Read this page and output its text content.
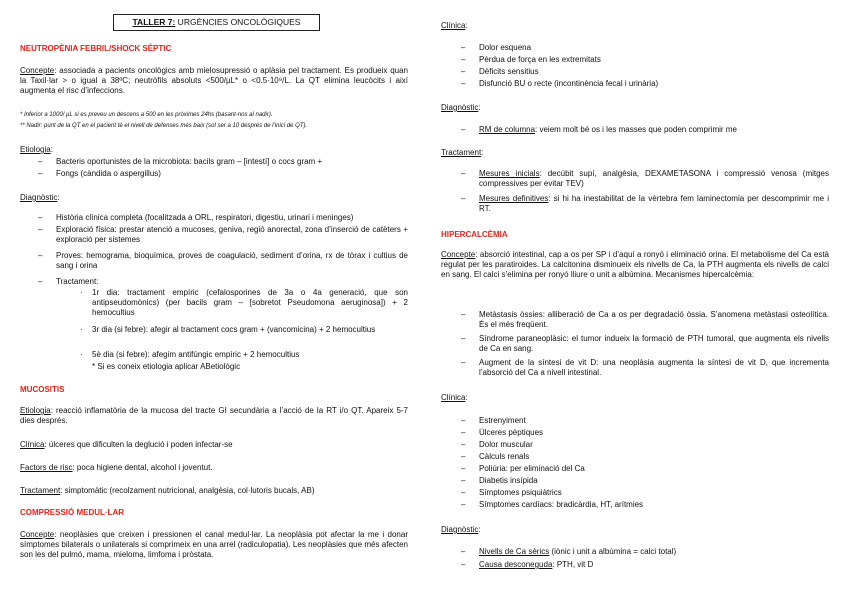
TALLER 7: URGÈNCIES ONCOLÒGIQUES
NEUTROPÈNIA FEBRIL/SHOCK SÈPTIC
Concepte: associada a pacients oncològics amb mielosupressió o aplàsia pel tractament. Es produeix quan la Taxil·lar > o igual a 38ºC; neutròfils absoluts <500/µL* o <0.5·10⁹/L. La QT elimina leucòcits i així augmenta el risc d’infeccions.
* Inferior a 1000/ µL si es preveu un descens a 500 en les pròximes 24hs (basant-nos al nadir).
** Nadir: punt de la QT en el pacient té el nivell de defenses més baix (sol ser a 10 després de l’inici de QT).
Etiologia:
– Bacteris oportunistes de la microbiota: bacils gram – [intestí] o cocs gram +
– Fongs (càndida o aspergillus)
Diagnòstic:
– Història clínica completa (focalitzada a ORL, respiratori, digestiu, urinari i meninges)
– Exploració física: prestar atenció a mucoses, geniva, regió anorectal, zona d’inserció de catèters + exploració per sistemes
– Proves: hemograma, bioquímica, proves de coagulació, sediment d’orina, rx de tòrax i cultius de sang i orina
– Tractament:
· 1r dia: tractament empíric (cefalosporines de 3a o 4a generació, que son antipseudomònics) (per bacils gram – [sobretot Pseudomona aeruginosa]) + 2 hemocultius
· 3r dia (si febre): afegir al tractament cocs gram + (vancomicina) + 2 hemocultius
· 5è dia (si febre): afegim antifúngic empíric + 2 hemocultius
* Si es coneix etiologia aplicar ABetiològic
MUCOSITIS
Etiologia: reacció inflamatòria de la mucosa del tracte GI secundària a l’acció de la RT i/o QT. Apareix 5-7 dies després.
Clínica: úlceres que dificulten la deglució i poden infectar-se
Factors de risc: poca higiene dental, alcohol i joventut.
Tractament: simptomàtic (recolzament nutricional, analgèsia, col·lutoris bucals, AB)
COMPRESSIÓ MEDUL·LAR
Concepte: neoplàsies que creixen i pressionen el canal medul·lar. La neoplàsia pot afectar la me i donar símptomes bilaterals o unilaterals si comprimeix en una arrel (radiculopatia). Les neoplàsies que més afecten son les del pulmó, mama, mieloma, limfoma i pròstata.
Clínica:
– Dolor esquena
– Pèrdua de força en les extremitats
– Dèficits sensitius
– Disfunció BU o recte (incontinència fecal i urinària)
Diagnòstic:
– RM de columna: veiem molt bé os i les masses que poden comprimir me
Tractament:
– Mesures inicials: decúbit supí, analgèsia, DEXAMETASONA i compressió venosa (mitges compressives per evitar TEV)
– Mesures definitives: si hi ha inestabilitat de la vèrtebra fem laminectomia per descomprimir me i RT.
HIPERCALCÈMIA
Concepte: absorció intestinal, cap a os per SP i d’aquí a ronyó i eliminació orina. El metabolisme del Ca està regulat per les paratiroides. La calcitonina disminueix els nivells de Ca, la PTH augmenta els nivells de calci en sang. El calci s’elimina per ronyó lliure o unit a albúmina. Mecanismes hipercalcèmia:
– Metàstasis òssies: alliberació de Ca a os per degradació òssia. S’anomena metàstasi osteolítica. És el més freqüent.
– Síndrome paraneoplàsic: el tumor indueix la formació de PTH tumoral, que augmenta els nivells de Ca en sang.
– Augment de la síntesi de vit D: una neoplàsia augmenta la síntesi de vit D, que incrementa l’absorció del Ca a nivell intestinal.
Clínica:
– Estrenyiment
– Úlceres pèptiques
– Dolor muscular
– Càlculs renals
– Poliúria: per eliminació del Ca
– Diabetis insípida
– Símptomes psiquiàtrics
– Símptomes cardíacs: bradicàrdia, HT, arítmies
Diagnòstic:
– Nivells de Ca sèrics (iònic i unit a albúmina = calci total)
– Causa desconeguda: PTH, vit D
